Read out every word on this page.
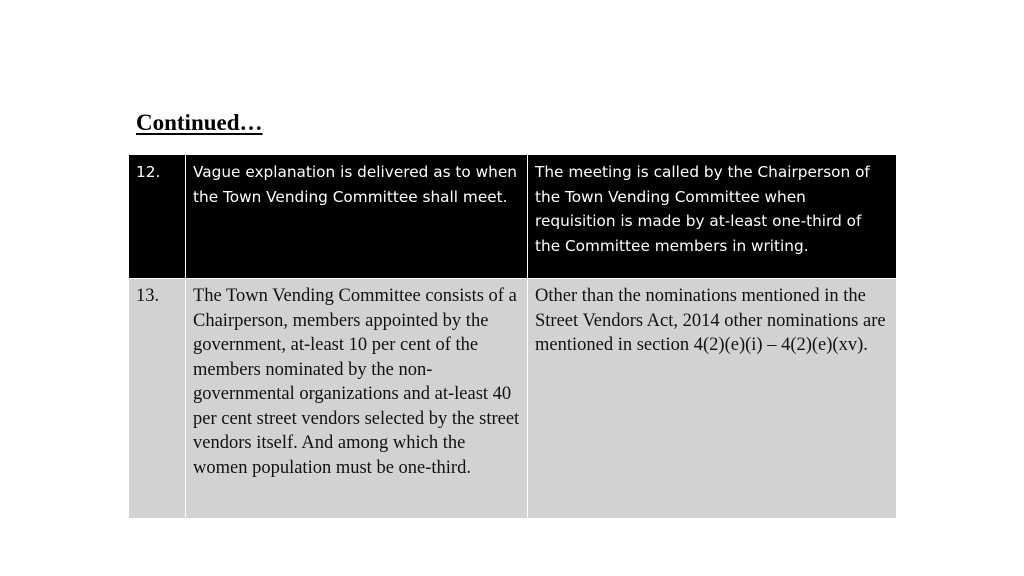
Continued…
12.	Vague explanation is delivered as to when the Town Vending Committee shall meet.	The meeting is called by the Chairperson of the Town Vending Committee when requisition is made by at-least one-third of the Committee members in writing.
13.	The Town Vending Committee consists of a Chairperson, members appointed by the government, at-least 10 per cent of the members nominated by the non-governmental organizations and at-least 40 per cent street vendors selected by the street vendors itself. And among which the women population must be one-third.	Other than the nominations mentioned in the Street Vendors Act, 2014 other nominations are mentioned in section 4(2)(e)(i) – 4(2)(e)(xv).
